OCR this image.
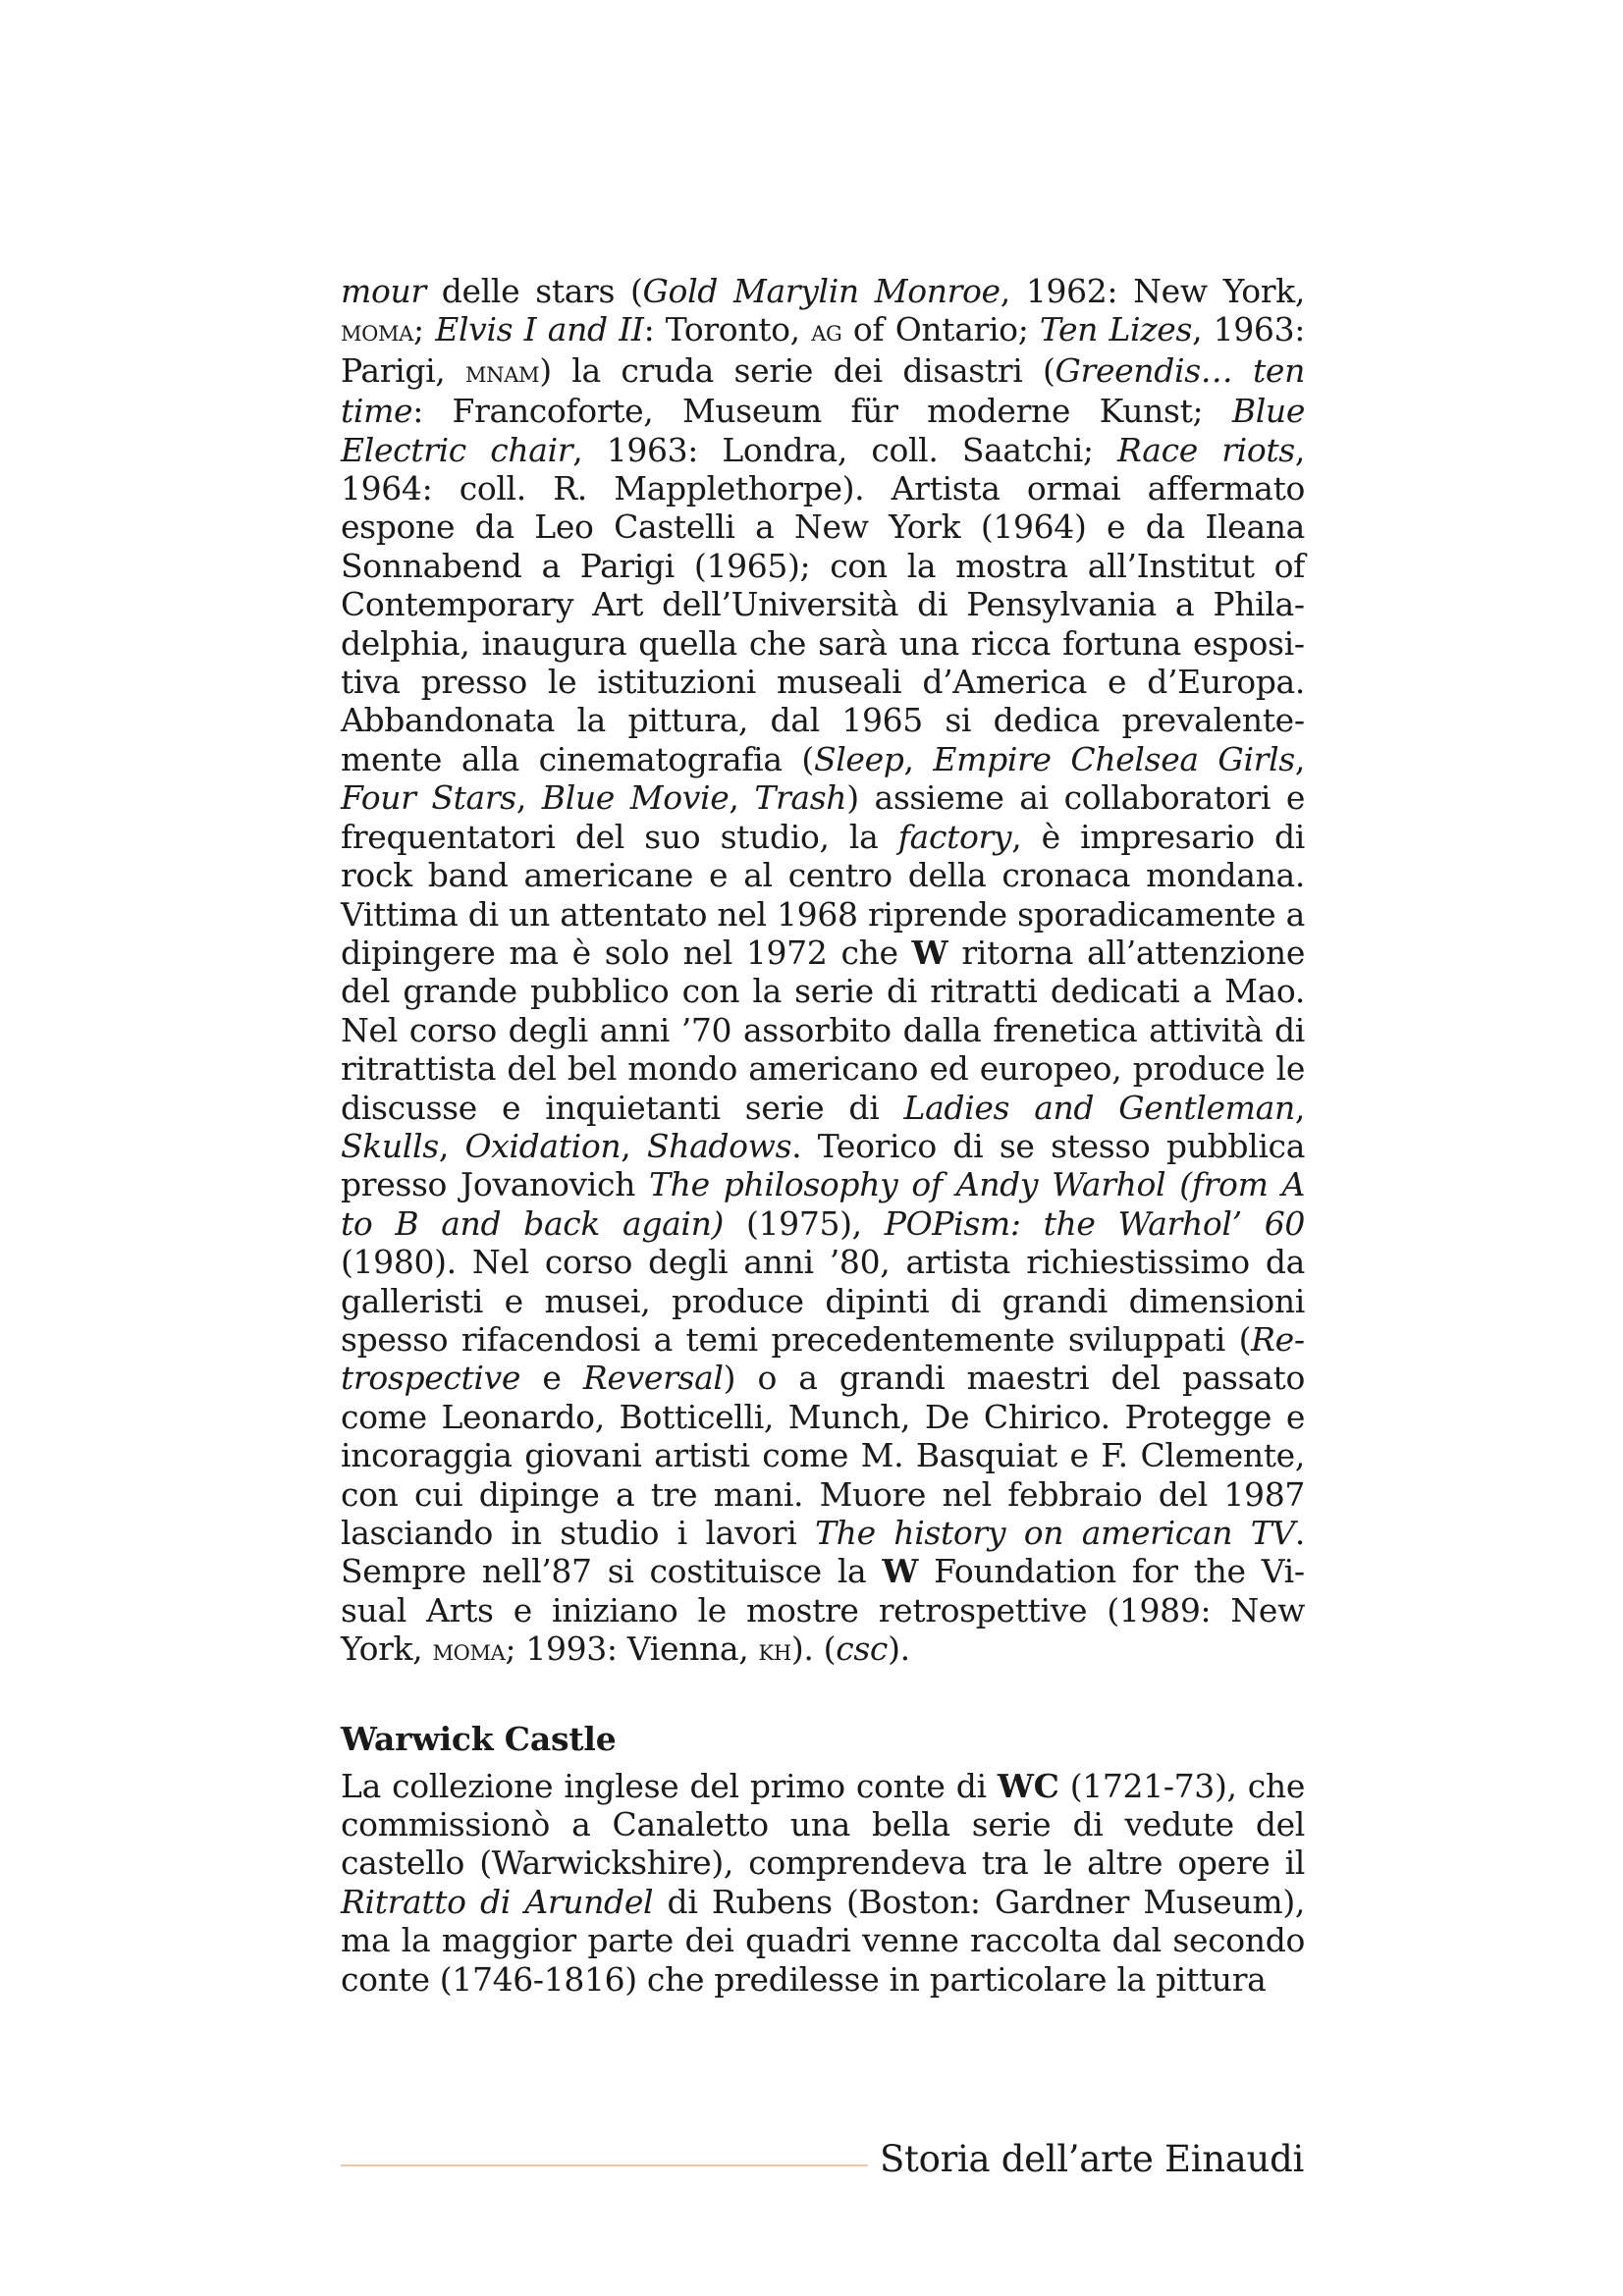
mour delle stars (Gold Marylin Monroe, 1962: New York, moma; Elvis I and II: Toronto, ag of Ontario; Ten Lizes, 1963: Parigi, mnam) la cruda serie dei disastri (Greendis… ten time: Francoforte, Museum für moderne Kunst; Blue Electric chair, 1963: Londra, coll. Saatchi; Race riots, 1964: coll. R. Mapplethorpe). Artista ormai affermato espone da Leo Castelli a New York (1964) e da Ileana Sonnabend a Parigi (1965); con la mostra all’Institut of Contemporary Art dell’Università di Pensylvania a Philadelphia, inaugura quella che sarà una ricca fortuna espositiva presso le istituzioni museali d’America e d’Europa. Abbandonata la pittura, dal 1965 si dedica prevalentemente alla cinematografia (Sleep, Empire Chelsea Girls, Four Stars, Blue Movie, Trash) assieme ai collaboratori e frequentatori del suo studio, la factory, è impresario di rock band americane e al centro della cronaca mondana. Vittima di un attentato nel 1968 riprende sporadicamente a dipingere ma è solo nel 1972 che W ritorna all’attenzione del grande pubblico con la serie di ritratti dedicati a Mao. Nel corso degli anni ’70 assorbito dalla frenetica attività di ritrattista del bel mondo americano ed europeo, produce le discusse e inquietanti serie di Ladies and Gentleman, Skulls, Oxidation, Shadows. Teorico di se stesso pubblica presso Jovanovich The philosophy of Andy Warhol (from A to B and back again) (1975), POPism: the Warhol’ 60 (1980). Nel corso degli anni ’80, artista richiestissimo da galleristi e musei, produce dipinti di grandi dimensioni spesso rifacendosi a temi precedentemente sviluppati (Retrospective e Reversal) o a grandi maestri del passato come Leonardo, Botticelli, Munch, De Chirico. Protegge e incoraggia giovani artisti come M. Basquiat e F. Clemente, con cui dipinge a tre mani. Muore nel febbraio del 1987 lasciando in studio i lavori The history on american TV. Sempre nell’87 si costituisce la W Foundation for the Visual Arts e iniziano le mostre retrospettive (1989: New York, moma; 1993: Vienna, kh). (csc).

Warwick Castle

La collezione inglese del primo conte di WC (1721-73), che commissionò a Canaletto una bella serie di vedute del castello (Warwickshire), comprendeva tra le altre opere il Ritratto di Arundel di Rubens (Boston: Gardner Museum), ma la maggior parte dei quadri venne raccolta dal secondo conte (1746-1816) che predilesse in particolare la pittura

Storia dell’arte Einaudi
